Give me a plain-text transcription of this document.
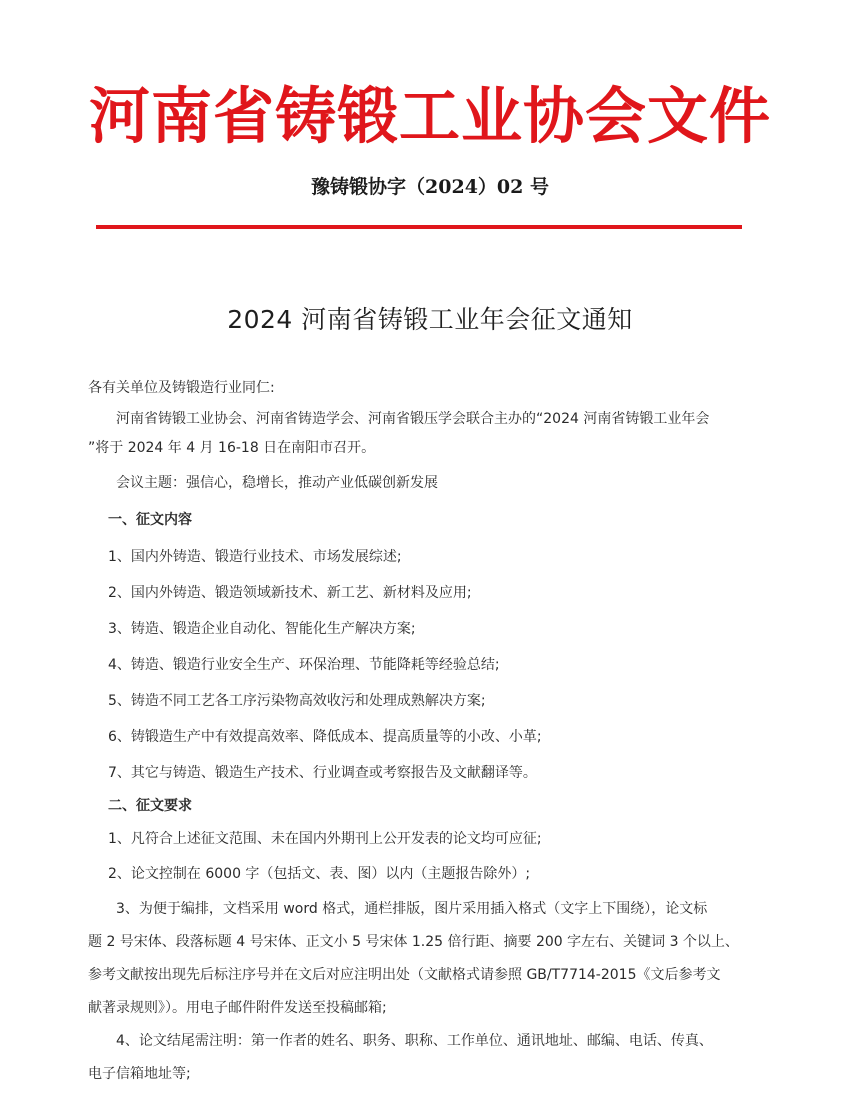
河南省铸锻工业协会文件
豫铸锻协字（2024）02 号
2024 河南省铸锻工业年会征文通知
各有关单位及铸锻造行业同仁:
河南省铸锻工业协会、河南省铸造学会、河南省锻压学会联合主办的“2024 河南省铸锻工业年会
”将于 2024 年 4 月 16-18 日在南阳市召开。
会议主题：强信心，稳增长，推动产业低碳创新发展
一、征文内容
1、国内外铸造、锻造行业技术、市场发展综述;
2、国内外铸造、锻造领域新技术、新工艺、新材料及应用;
3、铸造、锻造企业自动化、智能化生产解决方案;
4、铸造、锻造行业安全生产、环保治理、节能降耗等经验总结;
5、铸造不同工艺各工序污染物高效收污和处理成熟解决方案;
6、铸锻造生产中有效提高效率、降低成本、提高质量等的小改、小革;
7、其它与铸造、锻造生产技术、行业调查或考察报告及文献翻译等。
二、征文要求
1、凡符合上述征文范围、未在国内外期刊上公开发表的论文均可应征;
2、论文控制在 6000 字（包括文、表、图）以内（主题报告除外）;
3、为便于编排，文档采用 word 格式，通栏排版，图片采用插入格式（文字上下围绕），论文标
题 2 号宋体、段落标题 4 号宋体、正文小 5 号宋体 1.25 倍行距、摘要 200 字左右、关键词 3 个以上、
参考文献按出现先后标注序号并在文后对应注明出处（文献格式请参照 GB/T7714-2015《文后参考文
献著录规则》）。用电子邮件附件发送至投稿邮箱;
4、论文结尾需注明：第一作者的姓名、职务、职称、工作单位、通讯地址、邮编、电话、传真、
电子信箱地址等;
